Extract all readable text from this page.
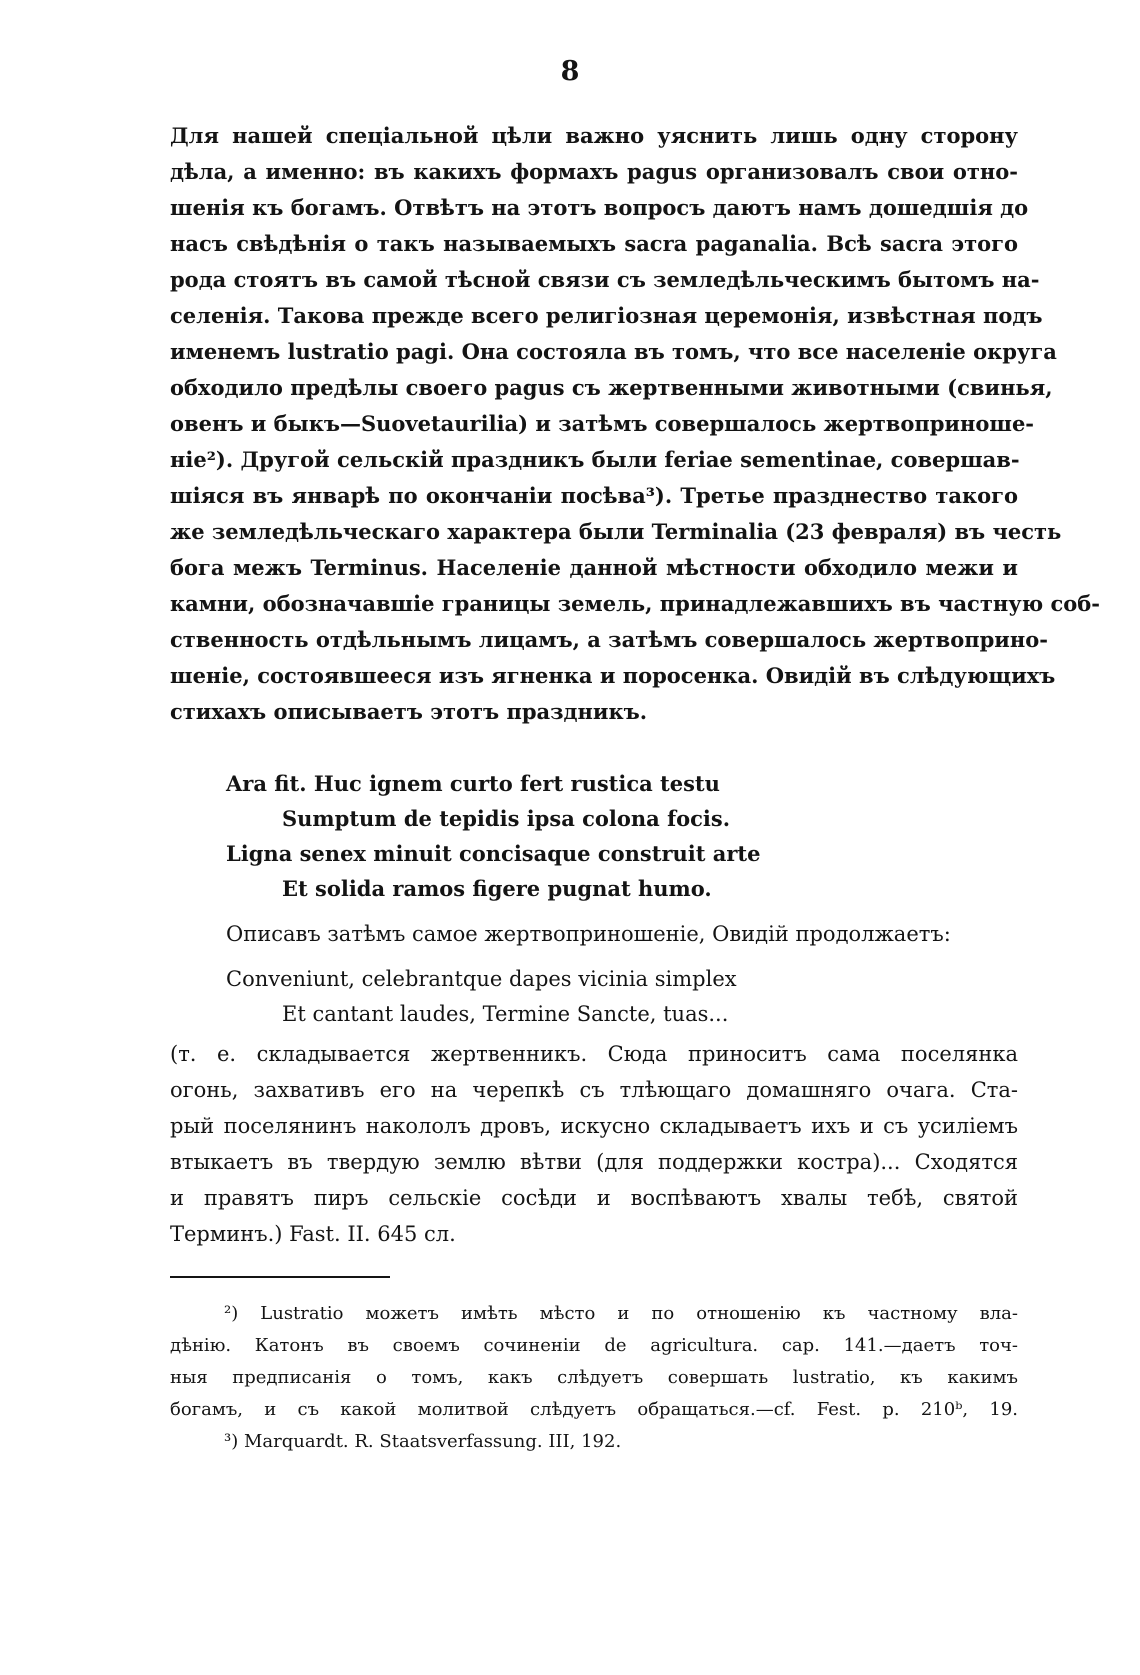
8
Для нашей спеціальной цѣли важно уяснить лишь одну сторону
дѣла, а именно: въ какихъ формахъ pagus организовалъ свои отно-
шенія къ богамъ. Отвѣтъ на этотъ вопросъ даютъ намъ дошедшія до
насъ свѣдѣнія о такъ называемыхъ sacra paganalia. Всѣ sacra этого
рода стоятъ въ самой тѣсной связи съ земледѣльческимъ бытомъ на-
селенія. Такова прежде всего религіозная церемонія, извѣстная подъ
именемъ lustratio pagi. Она состояла въ томъ, что все населеніе округа
обходило предѣлы своего pagus съ жертвенными животными (свинья,
овенъ и быкъ—Suovetaurilia) и затѣмъ совершалось жертвоприноше-
ніе²). Другой сельскій праздникъ были feriae sementinae, совершав-
шіяся въ январѣ по окончаніи посѣва³). Третье празднество такого
же земледѣльческаго характера были Terminalia (23 февраля) въ честь
бога межъ Terminus. Населеніе данной мѣстности обходило межи и
камни, обозначавшіе границы земель, принадлежавшихъ въ частную соб-
ственность отдѣльнымъ лицамъ, а затѣмъ совершалось жертвоприно-
шеніе, состоявшееся изъ ягненка и поросенка. Овидій въ слѣдующихъ
стихахъ описываетъ этотъ праздникъ.
Ara fit. Huc ignem curto fert rustica testu
Sumptum de tepidis ipsa colona focis.
Ligna senex minuit concisaque construit arte
Et solida ramos figere pugnat humo.
Описавъ затѣмъ самое жертвоприношеніе, Овидій продолжаетъ:
Conveniunt, celebrantque dapes vicinia simplex
Et cantant laudes, Termine Sancte, tuas...
(т. е. складывается жертвенникъ. Сюда приноситъ сама поселянка
огонь, захвативъ его на черепкѣ съ тлѣющаго домашняго очага. Ста-
рый поселянинъ накололъ дровъ, искусно складываетъ ихъ и съ усиліемъ
втыкаетъ въ твердую землю вѣтви (для поддержки костра)... Сходятся
и правятъ пиръ сельскіе сосѣди и воспѣваютъ хвалы тебѣ, святой
Терминъ.) Fast. II. 645 сл.
²) Lustratio можетъ имѣть мѣсто и по отношенію къ частному вла-
дѣнію. Катонъ въ своемъ сочиненіи de agricultura. cap. 141.—даетъ точ-
ныя предписанія о томъ, какъ слѣдуетъ совершать lustratio, къ какимъ
богамъ, и съ какой молитвой слѣдуетъ обращаться.—cf. Fest. p. 210ᵇ, 19.
³) Marquardt. R. Staatsverfassung. III, 192.
